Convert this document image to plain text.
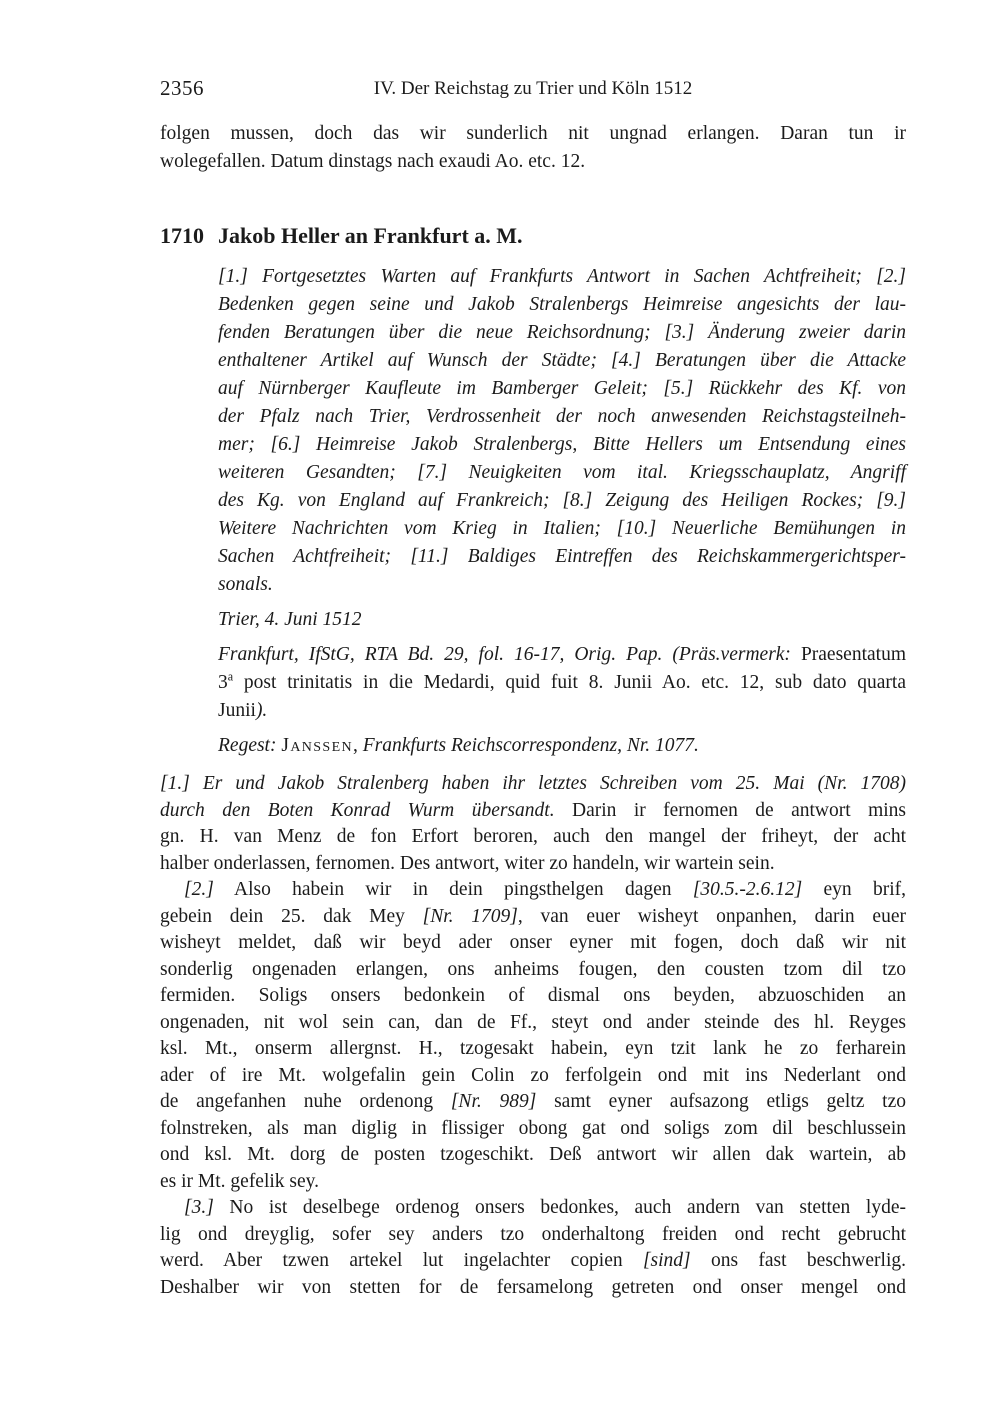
2356	IV. Der Reichstag zu Trier und Köln 1512
folgen mussen, doch das wir sunderlich nit ungnad erlangen. Daran tun ir
wolegefallen. Datum dinstags nach exaudi Ao. etc. 12.
1710 Jakob Heller an Frankfurt a. M.
[1.] Fortgesetztes Warten auf Frankfurts Antwort in Sachen Achtfreiheit; [2.]
Bedenken gegen seine und Jakob Stralenbergs Heimreise angesichts der lau-
fenden Beratungen über die neue Reichsordnung; [3.] Änderung zweier darin
enthaltener Artikel auf Wunsch der Städte; [4.] Beratungen über die Attacke
auf Nürnberger Kaufleute im Bamberger Geleit; [5.] Rückkehr des Kf. von
der Pfalz nach Trier, Verdrossenheit der noch anwesenden Reichstagsteilneh-
mer; [6.] Heimreise Jakob Stralenbergs, Bitte Hellers um Entsendung eines
weiteren Gesandten; [7.] Neuigkeiten vom ital. Kriegsschauplatz, Angriff
des Kg. von England auf Frankreich; [8.] Zeigung des Heiligen Rockes; [9.]
Weitere Nachrichten vom Krieg in Italien; [10.] Neuerliche Bemühungen in
Sachen Achtfreiheit; [11.] Baldiges Eintreffen des Reichskammergerichtsper-
sonals.
Trier, 4. Juni 1512
Frankfurt, IfStG, RTA Bd. 29, fol. 16-17, Orig. Pap. (Präs.vermerk: Praesentatum
3$^a$ post trinitatis in die Medardi, quid fuit 8. Junii Ao. etc. 12, sub dato quarta
Junii).
Regest: Janssen, Frankfurts Reichscorrespondenz, Nr. 1077.
[1.] Er und Jakob Stralenberg haben ihr letztes Schreiben vom 25. Mai (Nr. 1708)
durch den Boten Konrad Wurm übersandt. Darin ir fernomen de antwort mins
gn. H. van Menz de fon Erfort beroren, auch den mangel der friheyt, der acht
halber onderlassen, fernomen. Des antwort, witer zo handeln, wir wartein sein.
[2.] Also habein wir in dein pingsthelgen dagen [30.5.-2.6.12] eyn brif,
gebein dein 25. dak Mey [Nr. 1709], van euer wisheyt onpanhen, darin euer
wisheyt meldet, daß wir beyd ader onser eyner mit fogen, doch daß wir nit
sonderlig ongenaden erlangen, ons anheims fougen, den cousten tzom dil tzo
fermiden. Soligs onsers bedonkein of dismal ons beyden, abzuoschiden an
ongenaden, nit wol sein can, dan de Ff., steyt ond ander steinde des hl. Reyges
ksl. Mt., onserm allergnst. H., tzogesakt habein, eyn tzit lank he zo ferharein
ader of ire Mt. wolgefalin gein Colin zo ferfolgein ond mit ins Nederlant ond
de angefanhen nuhe ordenong [Nr. 989] samt eyner aufsazong etligs geltz tzo
folnstreken, als man diglig in flissiger obong gat ond soligs zom dil beschlussein
ond ksl. Mt. dorg de posten tzogeschikt. Deß antwort wir allen dak wartein, ab
es ir Mt. gefelik sey.
[3.] No ist deselbege ordenog onsers bedonkes, auch andern van stetten lyde-
lig ond dreyglig, sofer sey anders tzo onderhaltong freiden ond recht gebrucht
werd. Aber tzwen artekel lut ingelachter copien [sind] ons fast beschwerlig.
Deshalber wir von stetten for de fersamelong getreten ond onser mengel ond
